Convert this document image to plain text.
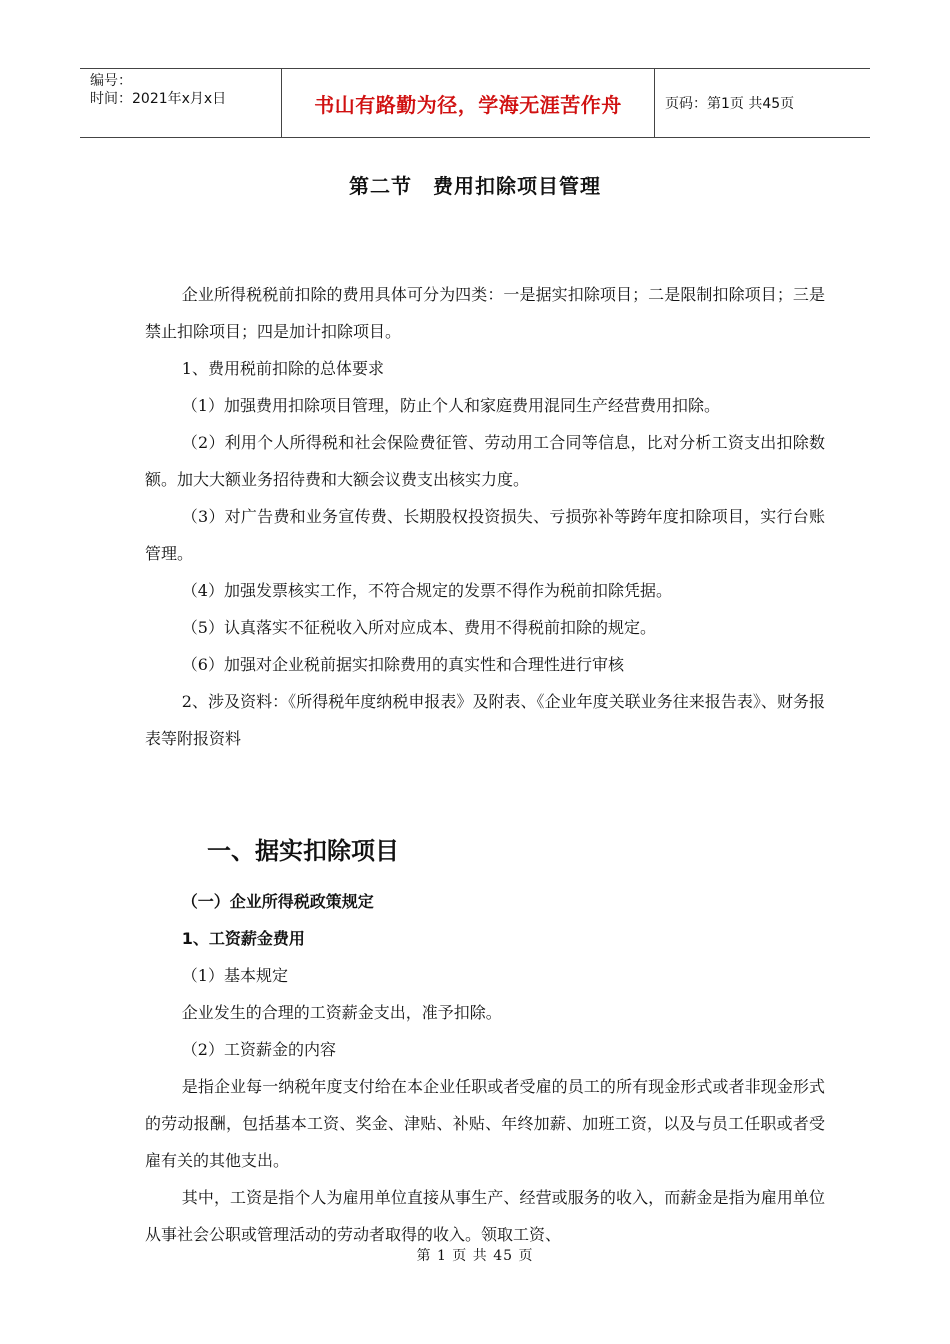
编号：
时间：2021年x月x日	书山有路勤为径，学海无涯苦作舟	页码：第1页 共45页
第二节　费用扣除项目管理

企业所得税税前扣除的费用具体可分为四类：一是据实扣除项目；二是限制扣除项目；三是禁止扣除项目；四是加计扣除项目。

1、费用税前扣除的总体要求

（1）加强费用扣除项目管理，防止个人和家庭费用混同生产经营费用扣除。

（2）利用个人所得税和社会保险费征管、劳动用工合同等信息，比对分析工资支出扣除数额。加大大额业务招待费和大额会议费支出核实力度。

（3）对广告费和业务宣传费、长期股权投资损失、亏损弥补等跨年度扣除项目，实行台账管理。

（4）加强发票核实工作，不符合规定的发票不得作为税前扣除凭据。

（5）认真落实不征税收入所对应成本、费用不得税前扣除的规定。

（6）加强对企业税前据实扣除费用的真实性和合理性进行审核

2、涉及资料：《所得税年度纳税申报表》及附表、《企业年度关联业务往来报告表》、财务报表等附报资料

一、据实扣除项目
（一）企业所得税政策规定
1、工资薪金费用

（1）基本规定

企业发生的合理的工资薪金支出，准予扣除。

（2）工资薪金的内容

是指企业每一纳税年度支付给在本企业任职或者受雇的员工的所有现金形式或者非现金形式的劳动报酬，包括基本工资、奖金、津贴、补贴、年终加薪、加班工资，以及与员工任职或者受雇有关的其他支出。

其中，工资是指个人为雇用单位直接从事生产、经营或服务的收入，而薪金是指为雇用单位从事社会公职或管理活动的劳动者取得的收入。领取工资、

第 1 页 共 45 页
